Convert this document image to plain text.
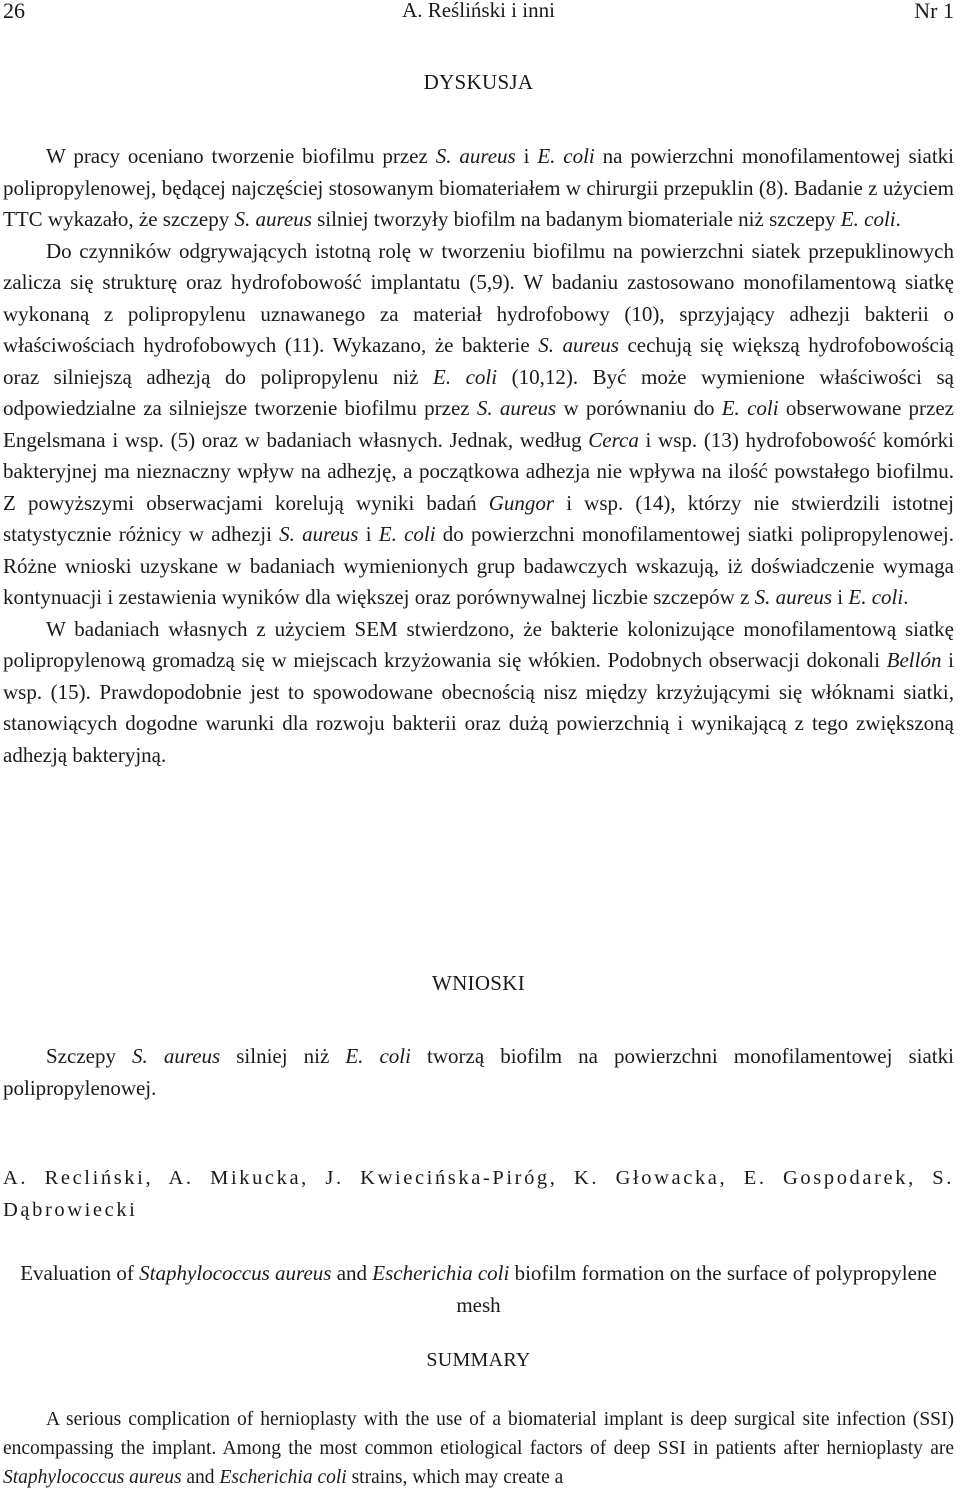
26	A. Reśliński i inni	Nr 1
DYSKUSJA

W pracy oceniano tworzenie biofilmu przez S. aureus i E. coli na powierzchni monofilamentowej siatki polipropylenowej, będącej najczęściej stosowanym biomateriałem w chirurgii przepuklin (8). Badanie z użyciem TTC wykazało, że szczepy S. aureus silniej tworzyły biofilm na badanym biomateriale niż szczepy E. coli.

Do czynników odgrywających istotną rolę w tworzeniu biofilmu na powierzchni siatek przepuklinowych zalicza się strukturę oraz hydrofobowość implantatu (5,9). W badaniu zastosowano monofilamentową siatkę wykonaną z polipropylenu uznawanego za materiał hydrofobowy (10), sprzyjający adhezji bakterii o właściwościach hydrofobowych (11). Wykazano, że bakterie S. aureus cechują się większą hydrofobowością oraz silniejszą adhezją do polipropylenu niż E. coli (10,12). Być może wymienione właściwości są odpowiedzialne za silniejsze tworzenie biofilmu przez S. aureus w porównaniu do E. coli obserwowane przez Engelsmana i wsp. (5) oraz w badaniach własnych. Jednak, według Cerca i wsp. (13) hydrofobowość komórki bakteryjnej ma nieznaczny wpływ na adhezję, a początkowa adhezja nie wpływa na ilość powstałego biofilmu. Z powyższymi obserwacjami korelują wyniki badań Gungor i wsp. (14), którzy nie stwierdzili istotnej statystycznie różnicy w adhezji S. aureus i E. coli do powierzchni monofilamentowej siatki polipropylenowej. Różne wnioski uzyskane w badaniach wymienionych grup badawczych wskazują, iż doświadczenie wymaga kontynuacji i zestawienia wyników dla większej oraz porównywalnej liczbie szczepów z S. aureus i E. coli.

W badaniach własnych z użyciem SEM stwierdzono, że bakterie kolonizujące monofilamentową siatkę polipropylenową gromadzą się w miejscach krzyżowania się włókien. Podobnych obserwacji dokonali Bellón i wsp. (15). Prawdopodobnie jest to spowodowane obecnością nisz między krzyżującymi się włóknami siatki, stanowiących dogodne warunki dla rozwoju bakterii oraz dużą powierzchnią i wynikającą z tego zwiększoną adhezją bakteryjną.

WNIOSKI

Szczepy S. aureus silniej niż E. coli tworzą biofilm na powierzchni monofilamentowej siatki polipropylenowej.

A. Recliński, A. Mikucka, J. Kwiecińska-Piróg, K. Głowacka, E. Gospodarek, S. Dąbrowiecki
Evaluation of Staphylococcus aureus and Escherichia coli biofilm formation on the surface of polypropylene mesh
SUMMARY

A serious complication of hernioplasty with the use of a biomaterial implant is deep surgical site infection (SSI) encompassing the implant. Among the most common etiological factors of deep SSI in patients after hernioplasty are Staphylococcus aureus and Escherichia coli strains, which may create a
